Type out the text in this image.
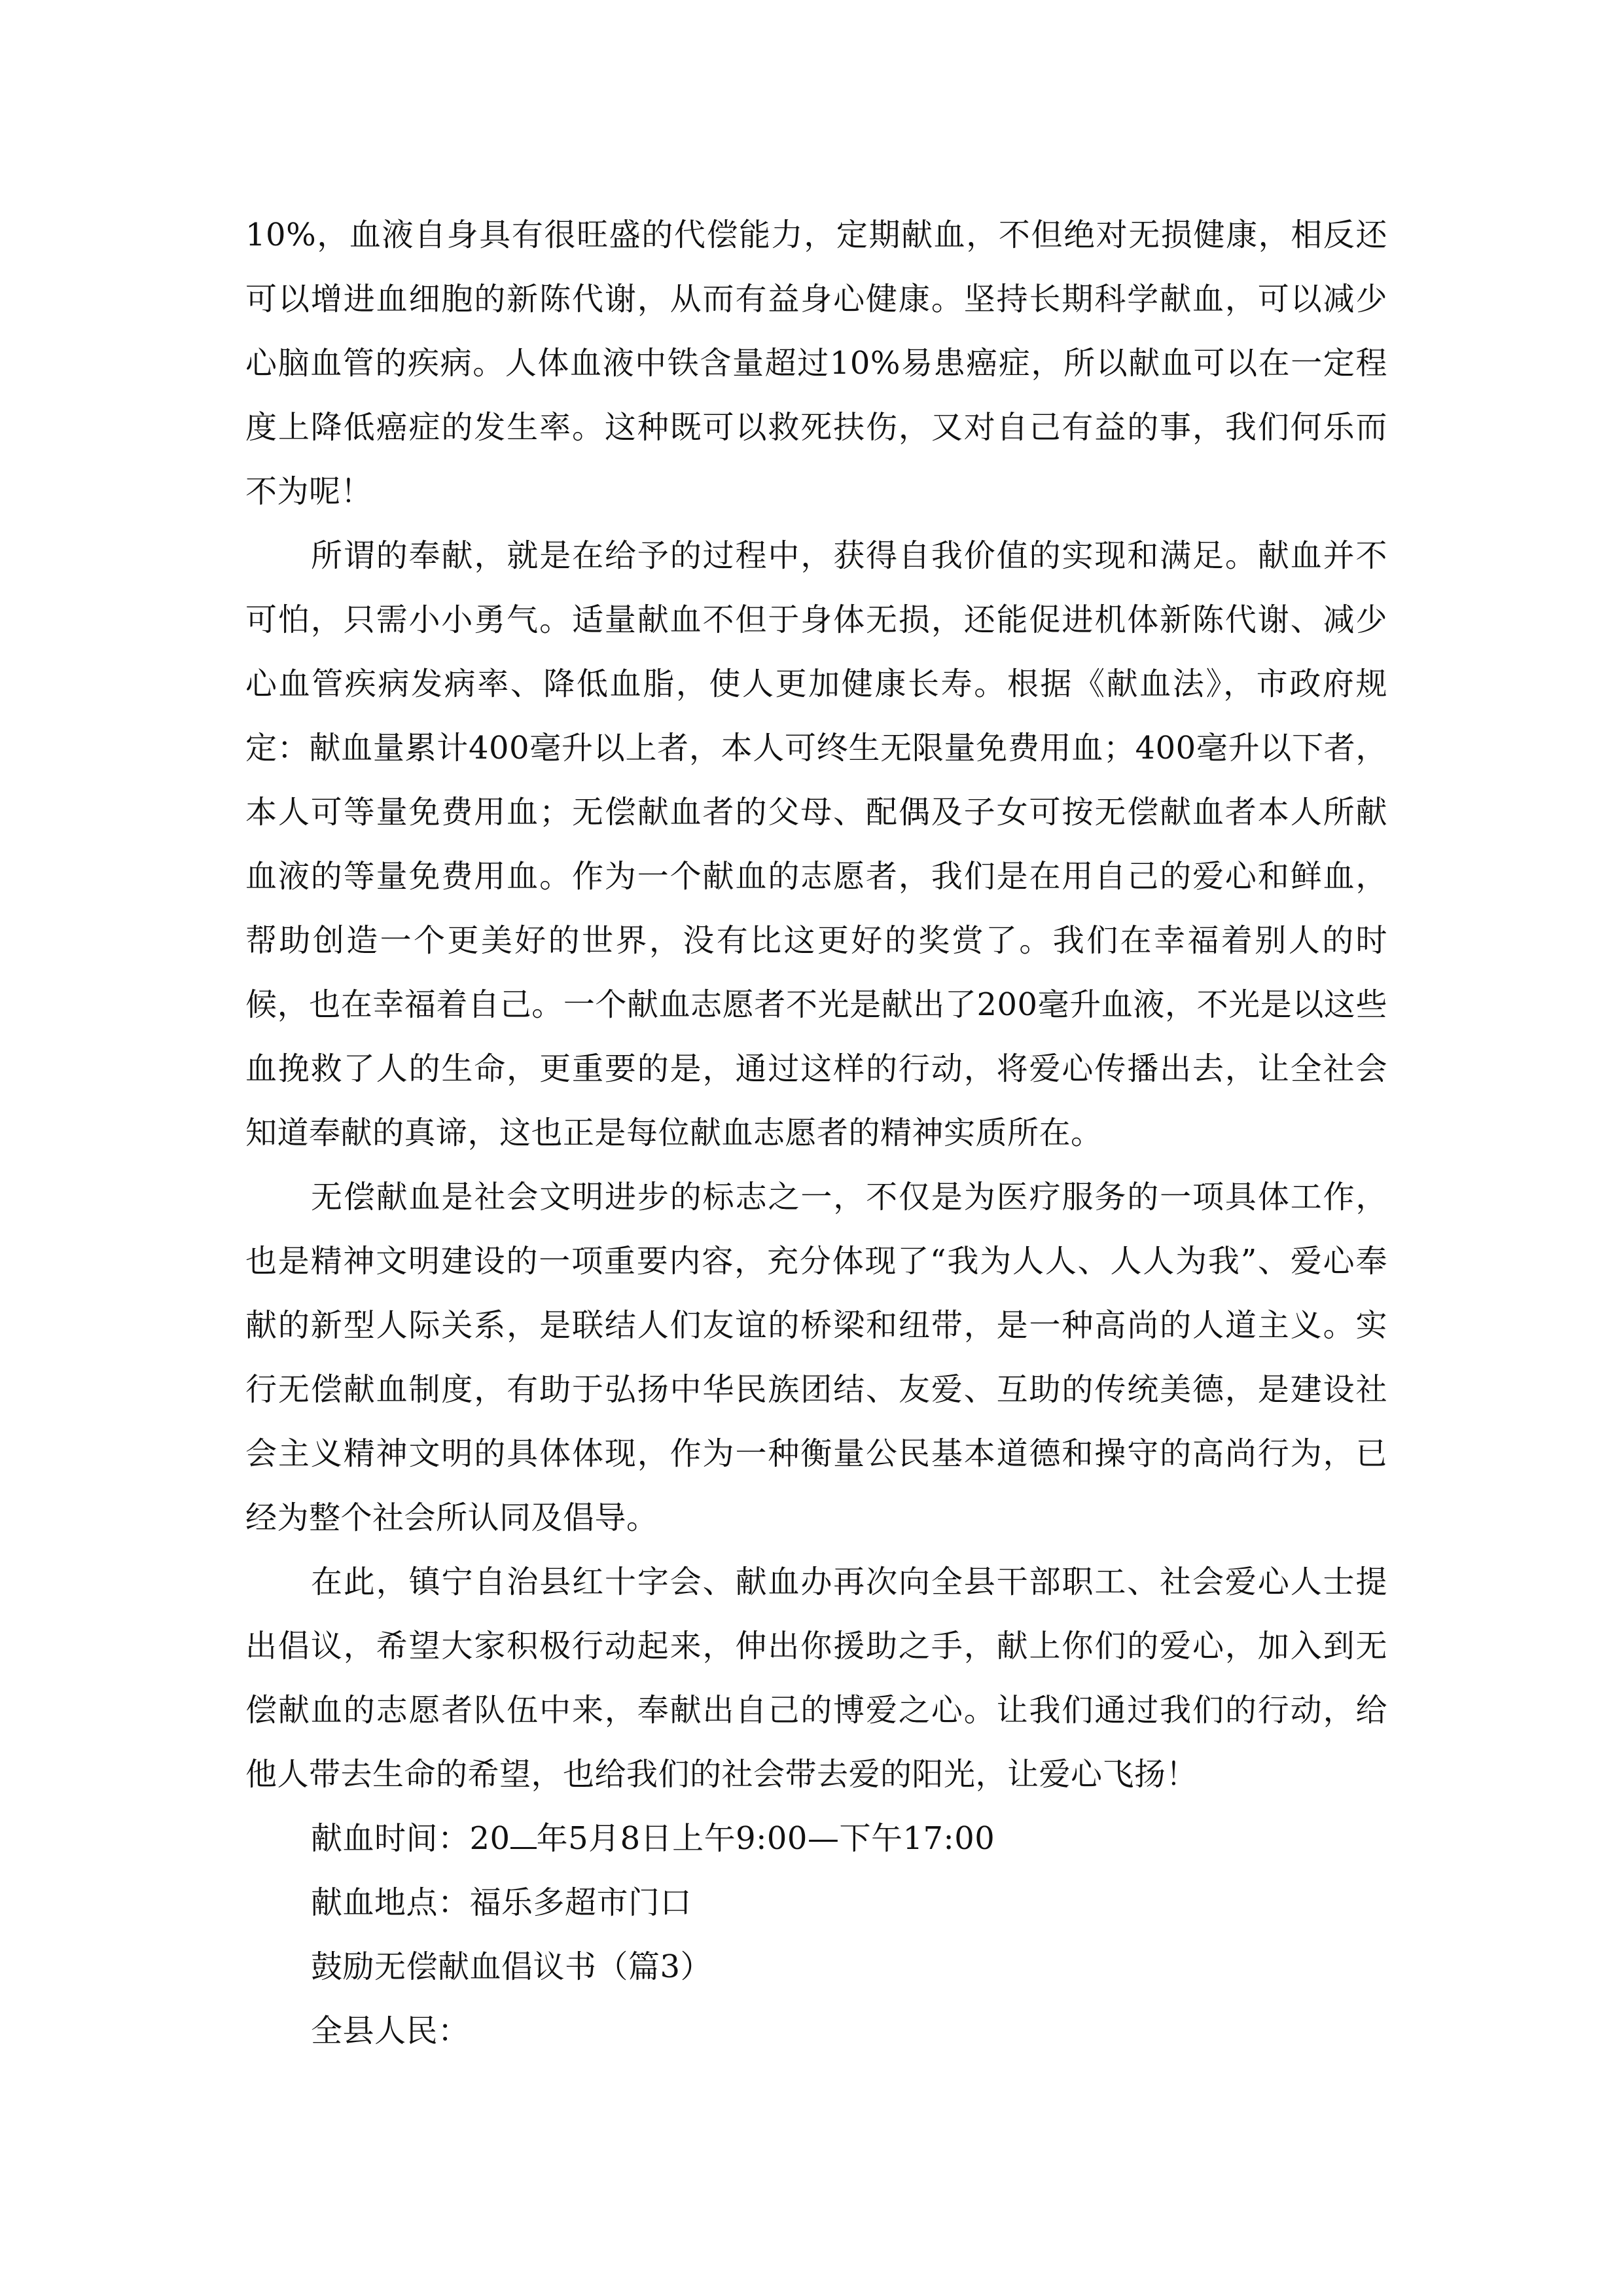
10%，血液自身具有很旺盛的代偿能力，定期献血，不但绝对无损健康，相反还可以增进血细胞的新陈代谢，从而有益身心健康。坚持长期科学献血，可以减少心脑血管的疾病。人体血液中铁含量超过10%易患癌症，所以献血可以在一定程度上降低癌症的发生率。这种既可以救死扶伤，又对自己有益的事，我们何乐而不为呢！

所谓的奉献，就是在给予的过程中，获得自我价值的实现和满足。献血并不可怕，只需小小勇气。适量献血不但于身体无损，还能促进机体新陈代谢、减少心血管疾病发病率、降低血脂，使人更加健康长寿。根据《献血法》，市政府规定：献血量累计400毫升以上者，本人可终生无限量免费用血；400毫升以下者，本人可等量免费用血；无偿献血者的父母、配偶及子女可按无偿献血者本人所献血液的等量免费用血。作为一个献血的志愿者，我们是在用自己的爱心和鲜血，帮助创造一个更美好的世界，没有比这更好的奖赏了。我们在幸福着别人的时候，也在幸福着自己。一个献血志愿者不光是献出了200毫升血液，不光是以这些血挽救了人的生命，更重要的是，通过这样的行动，将爱心传播出去，让全社会知道奉献的真谛，这也正是每位献血志愿者的精神实质所在。

无偿献血是社会文明进步的标志之一，不仅是为医疗服务的一项具体工作，也是精神文明建设的一项重要内容，充分体现了“我为人人、人人为我”、爱心奉献的新型人际关系，是联结人们友谊的桥梁和纽带，是一种高尚的人道主义。实行无偿献血制度，有助于弘扬中华民族团结、友爱、互助的传统美德，是建设社会主义精神文明的具体体现，作为一种衡量公民基本道德和操守的高尚行为，已经为整个社会所认同及倡导。

在此，镇宁自治县红十字会、献血办再次向全县干部职工、社会爱心人士提出倡议，希望大家积极行动起来，伸出你援助之手，献上你们的爱心，加入到无偿献血的志愿者队伍中来，奉献出自己的博爱之心。让我们通过我们的行动，给他人带去生命的希望，也给我们的社会带去爱的阳光，让爱心飞扬！

献血时间：20 年5月8日上午9:00—下午17:00

献血地点：福乐多超市门口

鼓励无偿献血倡议书（篇3）

全县人民：
